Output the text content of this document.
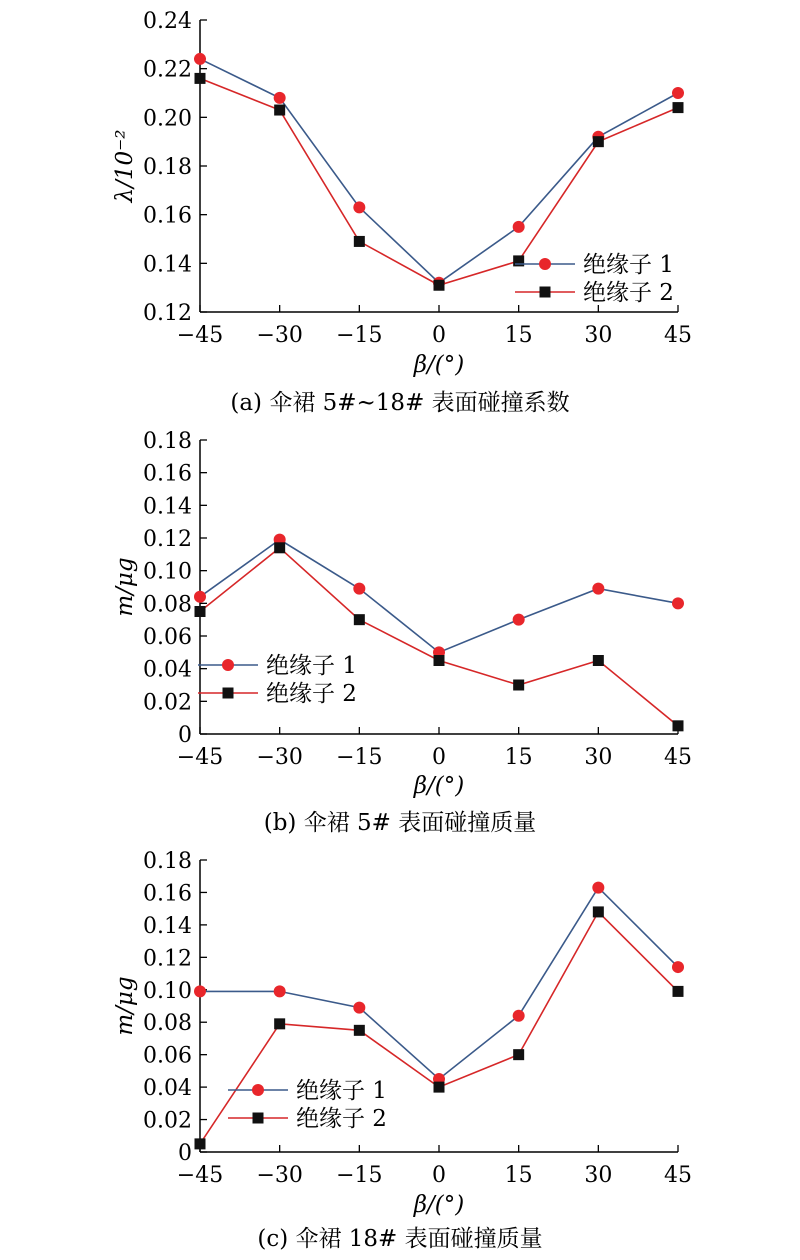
0.12
0.14
0.16
0.18
0.20
0.22
0.24
−45 −30 −15 0	15 30 45
β/(°)
λ/10⁻²
(a) 伞裙 5#~18# 表面碰撞系数
绝缘子 1
绝缘子 2
0
0.02
0.04
0.06
0.08
0.10
0.12
0.14
0.16
0.18
−45 −30 −15 0	15 30 45
β/(°)
m/μg
(b) 伞裙 5# 表面碰撞质量
绝缘子 1
绝缘子 2
0
0.02
0.04
0.06
0.08
0.10
0.12
0.14
0.16
0.18
−45 −30 −15 0	15 30 45
β/(°)
m/μg
(c) 伞裙 18# 表面碰撞质量
绝缘子 1
绝缘子 2
